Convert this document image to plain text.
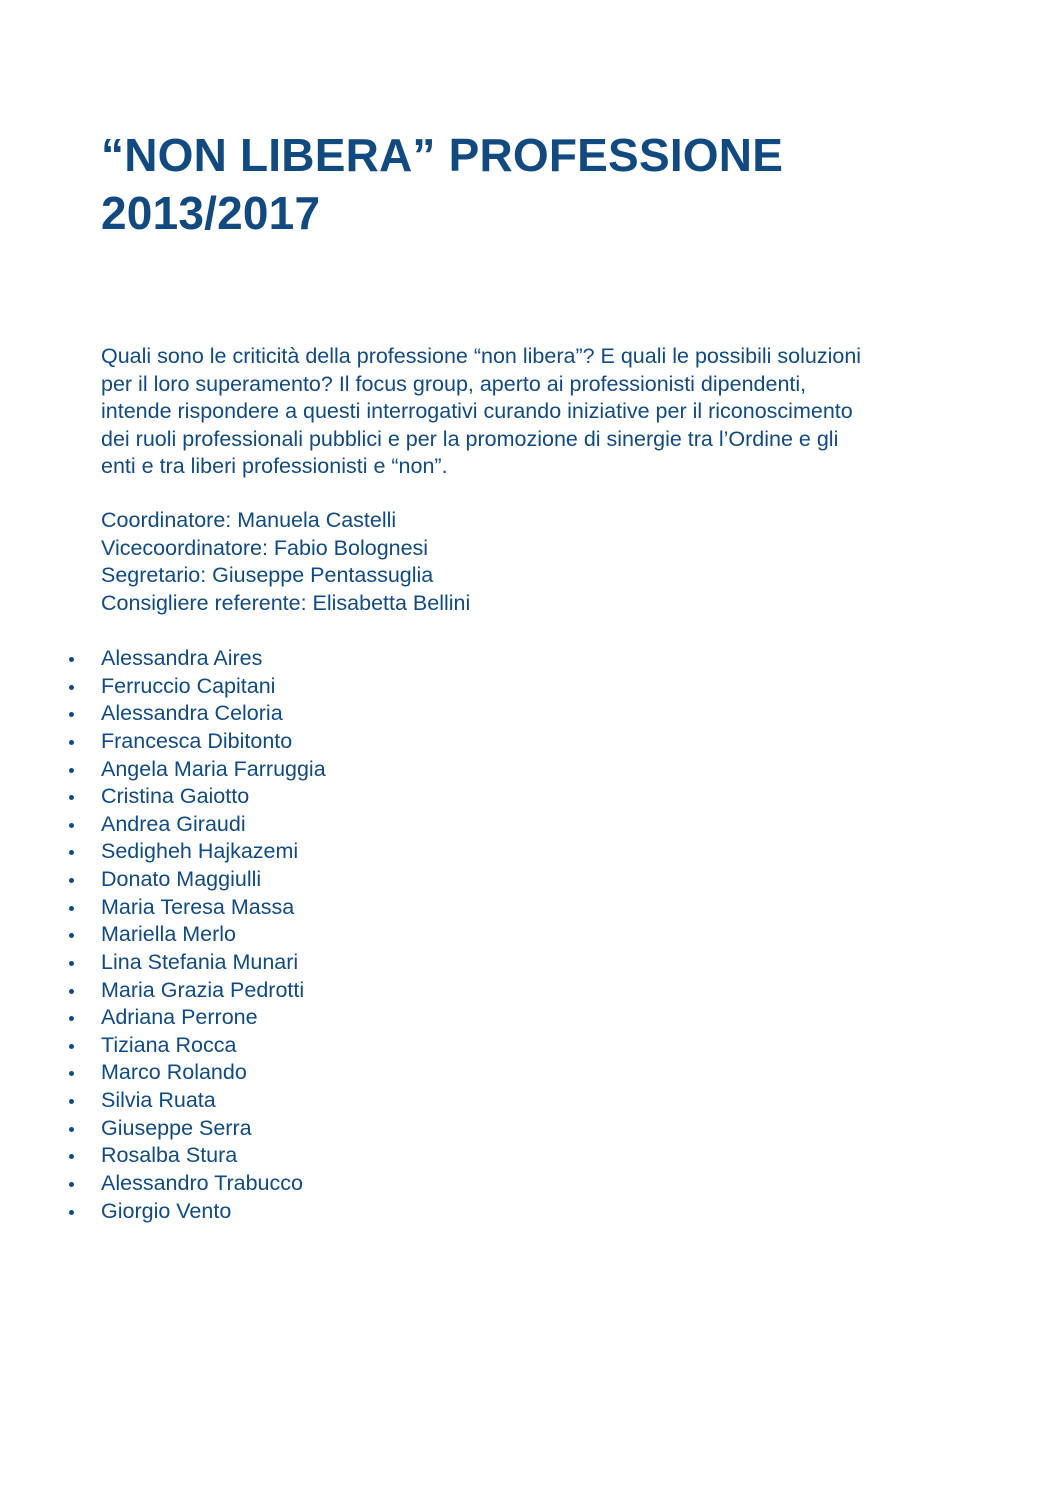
“NON LIBERA” PROFESSIONE
2013/2017

Quali sono le criticità della professione “non libera”? E quali le possibili soluzioni
per il loro superamento? Il focus group, aperto ai professionisti dipendenti,
intende rispondere a questi interrogativi curando iniziative per il riconoscimento
dei ruoli professionali pubblici e per la promozione di sinergie tra l’Ordine e gli
enti e tra liberi professionisti e “non”.

Coordinatore: Manuela Castelli
Vicecoordinatore: Fabio Bolognesi
Segretario: Giuseppe Pentassuglia
Consigliere referente: Elisabetta Bellini

Alessandra Aires
Ferruccio Capitani
Alessandra Celoria
Francesca Dibitonto
Angela Maria Farruggia
Cristina Gaiotto
Andrea Giraudi
Sedigheh Hajkazemi
Donato Maggiulli
Maria Teresa Massa
Mariella Merlo
Lina Stefania Munari
Maria Grazia Pedrotti
Adriana Perrone
Tiziana Rocca
Marco Rolando
Silvia Ruata
Giuseppe Serra
Rosalba Stura
Alessandro Trabucco
Giorgio Vento
